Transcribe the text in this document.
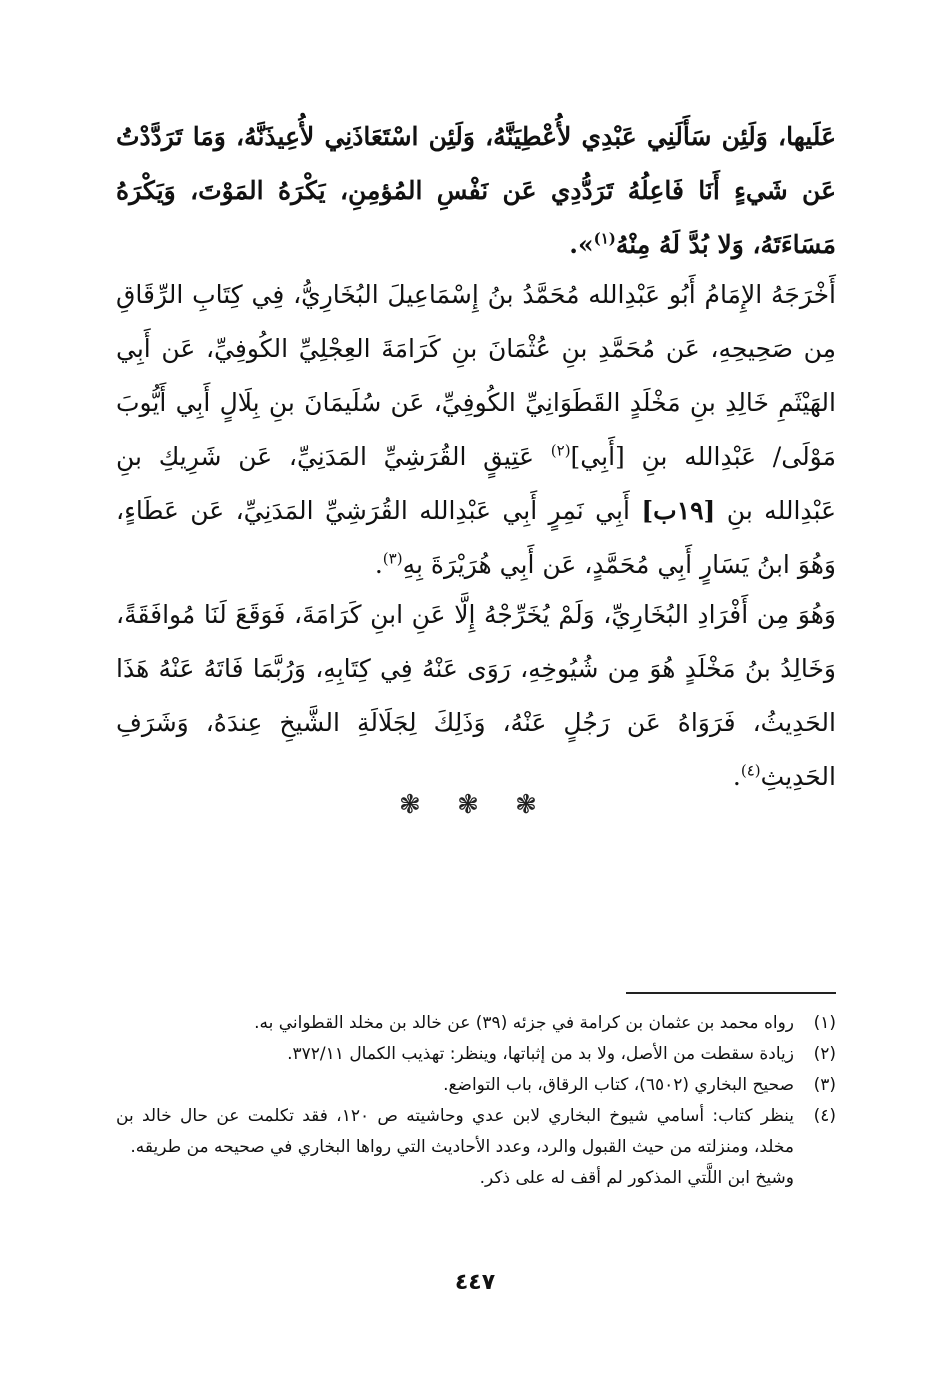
عَلَيها، وَلَئِن سَأَلَنِي عَبْدِي لأُعْطِيَنَّهُ، وَلَئِن اسْتَعَاذَنِي لأُعِيذَنَّهُ، وَمَا تَرَدَّدْتُ عَن شَيءٍ أَنَا فَاعِلُهُ تَرَدُّدِي عَن نَفْسِ المُؤمِنِ، يَكْرَهُ المَوْتَ، وَيَكْرَهُ مَسَاءَتَهُ، وَلا بُدَّ لَهُ مِنْهُ$^{(١)}$».

أَخْرَجَهُ الإِمَامُ أَبُو عَبْدِالله مُحَمَّدُ بنُ إِسْمَاعِيلَ البُخَارِيُّ، فِي كِتَابِ الرِّقَاقِ مِن صَحِيحِهِ، عَن مُحَمَّدِ بنِ عُثْمَانَ بنِ كَرَامَةَ العِجْلِيِّ الكُوفِيِّ، عَن أَبِي الهَيْثَمِ خَالِدِ بنِ مَخْلَدٍ القَطَوَانِيِّ الكُوفِيِّ، عَن سُلَيمَانَ بنِ بِلَالٍ أَبِي أَيُّوبَ مَوْلَى/ عَبْدِالله بنِ [أَبِي]$^{(٢)}$ عَتِيقٍ القُرَشِيِّ المَدَنِيِّ، عَن شَرِيكِ بنِ عَبْدِالله بنِ [١٩ب] أَبِي نَمِرٍ أَبِي عَبْدِالله القُرَشِيِّ المَدَنِيِّ، عَن عَطَاءٍ، وَهُوَ ابنُ يَسَارٍ أَبِي مُحَمَّدٍ، عَن أَبِي هُرَيْرَةَ بِهِ$^{(٣)}$.

وَهُوَ مِن أَفْرَادِ البُخَارِيِّ، وَلَمْ يُخَرِّجْهُ إِلَّا عَنِ ابنِ كَرَامَةَ، فَوَقَعَ لَنَا مُوافَقَةً، وَخَالِدُ بنُ مَخْلَدٍ هُوَ مِن شُيُوخِهِ، رَوَى عَنْهُ فِي كِتَابِهِ، وَرُبَّمَا فَاتَهُ عَنْهُ هَذَا الحَدِيثُ، فَرَوَاهُ عَن رَجُلٍ عَنْهُ، وَذَلِكَ لِجَلَالَةِ الشَّيخِ عِندَهُ، وَشَرَفِ الحَدِيثِ$^{(٤)}$.

❃ ❃ ❃
(١)
رواه محمد بن عثمان بن كرامة في جزئه (٣٩) عن خالد بن مخلد القطواني به.
(٢)
زيادة سقطت من الأصل، ولا بد من إثباتها، وينظر: تهذيب الكمال ٣٧٢/١١.
(٣)
صحيح البخاري (٦٥٠٢)، كتاب الرقاق، باب التواضع.
(٤)
ينظر كتاب: أسامي شيوخ البخاري لابن عدي وحاشيته ص ١٢٠، فقد تكلمت عن حال خالد بن مخلد، ومنزلته من حيث القبول والرد، وعدد الأحاديث التي رواها البخاري في صحيحه من طريقه.

وشيخ ابن اللَّتي المذكور لم أقف له على ذكر.

٤٤٧
